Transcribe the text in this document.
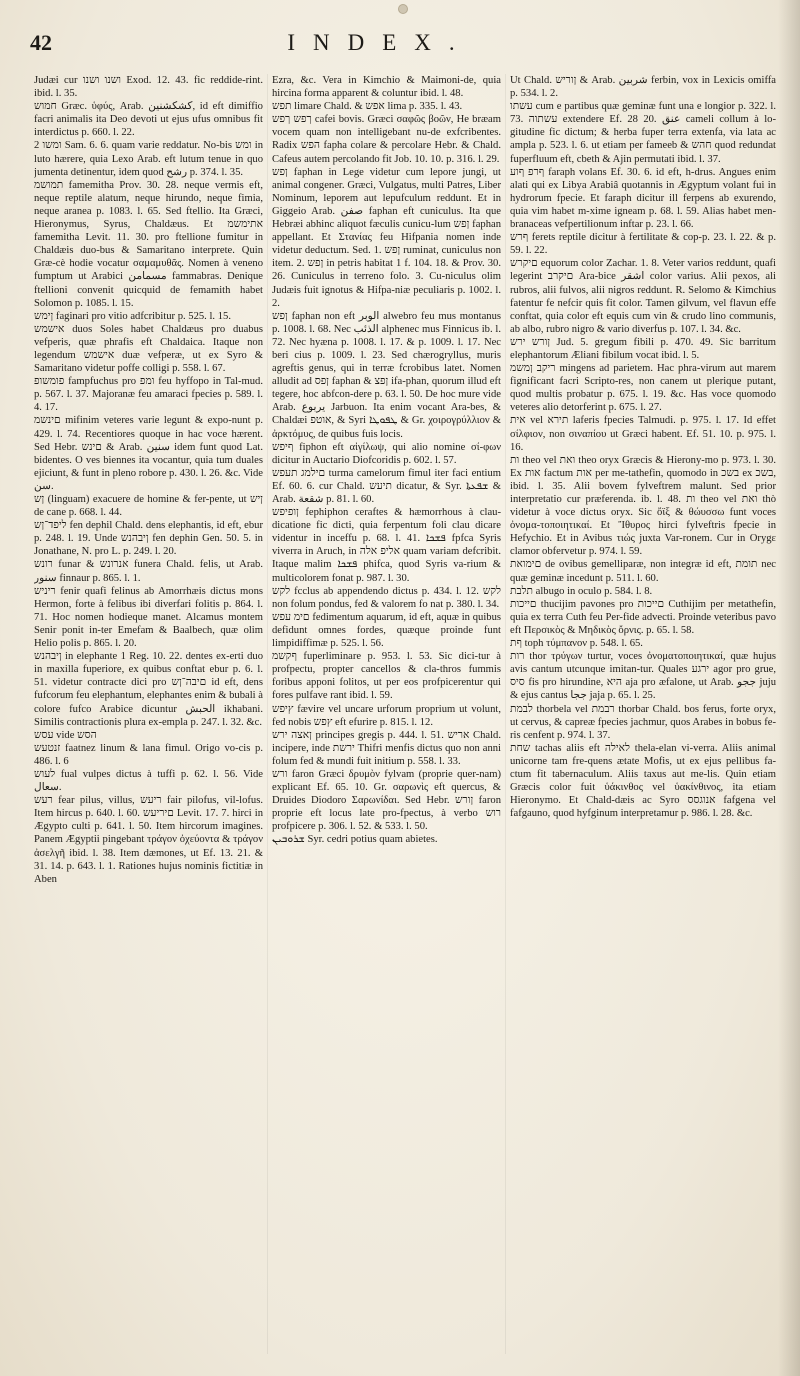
42	INDEX.

Judæi cur ושנו ושנו Exod. 12. 43. fic reddide-rint. ibid. l. 35.

חמוש Græc. ὑφύς, Arab. كشكشنين, id eft dimiffio facri animalis ita Deo devoti ut ejus ufus omnibus fit interdictus p. 660. l. 22.

ומשו 2 Sam. 6. 6. quam varie reddatur. No-bis ומש in luto hærere, quia Lexo Arab. eft lutum tenue in quo jumenta detinentur, idem quod رشح p. 374. l. 35.

תמושמ famemitha Prov. 30. 28. neque vermis eft, neque reptile alatum, neque hirundo, neque fimia, neque aranea p. 1083. l. 65. Sed ftellio. Ita Græci, Hieronymus, Syrus, Chaldæus. Et אתימשמ famemitha Levit. 11. 30. pro ftellione fumitur in Chaldæis duo-bus & Samaritano interprete. Quin Græ-cè hodie vocatur σαμαμυθᾶς. Nomen à veneno fumptum ut Arabici مسمامن fammabras. Denique ftellioni convenit quicquid de femamith habet Solomon p. 1085. l. 15.

ןימש faginari pro vitio adfcribitur p. 525. l. 15.

אישמש duos Soles habet Chaldæus pro duabus vefperis, quæ phrafis eft Chaldaica. Itaque non legendum אישמש duæ vefperæ, ut ex Syro & Samaritano videtur poffe colligi p. 558. l. 67.

פומשופ fampfuchus pro ומפ feu hyffopo in Tal-mud. p. 567. l. 37. Majoranæ feu amaraci fpecies p. 589. l. 4. 17.

םינשמ mifinim veteres varie legunt & expo-nunt p. 429. l. 74. Recentiores quoque in hac voce hærent. Sed Hebr. םינש & Arab. سنين idem funt quod Lat. bidentes. O ves biennes ita vocantur, quia tum duales ejiciunt, & funt in pleno robore p. 430. l. 26. &c. Vide سن.

ןש (linguam) exacuere de homine & fer-pente, ut ןיש de cane p. 668. l. 44.

ליפד־ןש fen dephil Chald. dens elephantis, id eft, ebur p. 248. l. 19. Unde ןיבהנש fen dephin Gen. 50. 5. in Jonathane, N. pro L. p. 249. l. 20.

רונש funar & אנרונש funera Chald. felis, ut Arab. سنور finnaur p. 865. l. 1.

ריניש fenir quafi felinus ab Amorrhæis dictus mons Hermon, forte à felibus ibi diverfari folitis p. 864. l. 71. Hoc nomen hodieque manet. Alcamus montem Senir ponit in-ter Emefam & Baalbech, quæ olim Helio polis p. 865. l. 20.

ןיבהנש in elephante 1 Reg. 10. 22. dentes ex-erti duo in maxilla fuperiore, ex quibus conftat ebur p. 6. l. 51. videtur contracte dici pro םיבה־ןש id eft, dens fufcorum feu elephantum, elephantes enim & bubali à colore fufco Arabice dicuntur الحبش ikhabani. Similis contractionis plura ex-empla p. 247. l. 32. &c.

עסש vide הסש

זנטעש faatnez linum & lana fimul. Origo vo-cis p. 486. l. 6

לעוש fual vulpes dictus à tuffi p. 62. l. 56. Vide سعال.

רעש fear pilus, villus, ריעש fair pilofus, vil-lofus. Item hircus p. 640. l. 60. םיריעש Levit. 17. 7. hirci in Ægypto culti p. 641. l. 50. Item hircorum imagines. Panem Ægyptii pingebant τράγον ὀχεύοντα & τράγον ἀσελγῆ ibid. l. 38. Item dæmones, ut Ef. 13. 21. & 31. 14. p. 643. l. 1. Rationes hujus nominis fictitiæ in Aben

Ezra, &c. Vera in Kimchio & Maimoni-de, quia hircina forma apparent & coluntur ibid. l. 48.

תפש limare Chald. & אפש lima p. 335. l. 43.

ךפש ךפש cafei bovis. Græci σαφῶς βοῶν, He bræam vocem quam non intelligebant nu-de exfcribentes. Radix הפש fapha colare & percolare Hebr. & Chald. Cafeus autem percolando fit Job. 10. 10. p. 316. l. 29.

ןפש faphan in Lege videtur cum lepore jungi, ut animal congener. Græci, Vulgatus, multi Patres, Liber Nominum, leporem aut lepufculum reddunt. Et in Giggeio Arab. صفن faphan eft cuniculus. Ita que Hebræi abhinc aliquot fæculis cunicu-lum ןפש faphan appellant. Et Στανίας feu Hifpania nomen inde videtur deductum. Sed. 1. ןפש ruminat, cuniculus non item. 2. ןפש in petris habitat 1 f. 104. 18. & Prov. 30. 26. Cuniculus in terreno folo. 3. Cu-niculus olim Judæis fuit ignotus & Hifpa-niæ peculiaris p. 1002. l. 2.

ןפש faphan non eft الوبر alwebro feu mus montanus p. 1008. l. 68. Nec الذئب alphenec mus Finnicus ib. l. 72. Nec hyæna p. 1008. l. 17. & p. 1009. l. 17. Nec beri cius p. 1009. l. 23. Sed chærogryllus, muris agreftis genus, qui in terræ fcrobibus latet. Nomen alludit ad ןפס faphan & ןפצ ifa-phan, quorum illud eft tegere, hoc abfcon-dere p. 63. l. 50. De hoc mure vide Arab. يربوع Jarbuon. Ita enim vocant Ara-bes, & Chaldæi אוטפ, & Syri ܛܦܘܛܐ & Gr. χοιρογρύλλιον & ἀρκτόμυς, de quibus fuis locis.

ףיפש fiphon eft αἰγίλωψ, qui alio nomine σί-φων dicitur in Auctario Diofcoridis p. 602. l. 57.

םילמג תעפש turma camelorum fimul iter faci entium Ef. 60. 6. cur Chald. תיעש dicatur, & Syr. ܫܦܥܬܐ & Arab. شقعة p. 81. l. 60.

ןופיפש fephiphon ceraftes & hæmorrhous à clau-dicatione fic dicti, quia ferpentum foli clau dicare videntur in inceffu p. 68. l. 41. ܦܫܟܐ fpfca Syris viverra in Aruch, in אליפ אלה quam variam defcribit. Itaque malim ܦܫܟܐ phifca, quod Syris va-rium & multicolorem fonat p. 987. l. 30.

לקש fcclus ab appendendo dictus p. 434. l. 12. לקש non folum pondus, fed & valorem fo nat p. 380. l. 34.

םימ עפש fedimentum aquarum, id eft, aquæ in quibus defidunt omnes fordes, quæque proinde funt limpidiffimæ p. 525. l. 56.

ףקשמ fuperliminare p. 953. l. 53. Sic dici-tur à profpectu, propter cancellos & cla-thros fummis foribus apponi folitos, ut per eos profpicerentur qui fores pulfave rant ibid. l. 59.

ץיפש fævire vel uncare urforum proprium ut volunt, fed nobis ץפש eft efurire p. 815. l. 12.

ןאצה ירש principes gregis p. 444. l. 51. אריש Chald. incipere, inde ירשת Thifri menfis dictus quo non anni folum fed & mundi fuit initium p. 558. l. 33.

ורש faron Græci δρυμὸν fylvam (proprie quer-nam) explicant Ef. 65. 10. Gr. σαρωνὶς eft quercus, & Druides Diodoro Σαρωνίδαι. Sed Hebr. ןורש faron proprie eft locus late pro-fpectus, à verbo רוש profpicere p. 306. l. 52. & 533. l. 50.

ܫܪܘܒܝܢ Syr. cedri potius quam abietes.

Ut Chald. ןוריש & Arab. شربين ferbin, vox in Lexicis omiffa p. 534. l. 2.

עשתו cum e partibus quæ geminæ funt una e longior p. 322. l. 73. עשתוה extendere Ef. 28 20. عنق cameli collum à lo-gitudine fic dictum; & herba fuper terra extenfa, via lata ac ampla p. 523. l. 6. ut etiam per fameeb & חהש quod redundat fuperfluum eft, cbeth & Ajin permutati ibid. l. 37.

ףרפ ףוע faraph volans Ef. 30. 6. id eft, h-drus. Angues enim alati qui ex Libya Arabiâ quotannis in Ægyptum volant fui in hydrorum fpecie. Et faraph dicitur ill ferpens ab exurendo, quia vim habet m-xime igneam p. 68. l. 59. Alias habet men-branaceas vefpertilionum inftar p. 23. l. 66.

ףרש ferets reptile dicitur à fertilitate & cop-p. 23. l. 22. & p. 59. l. 22.

םיקרש equorum color Zachar. 1. 8. Veter varios reddunt, quafi legerint םיקרב Ara-bice اشقر color varius. Alii pexos, ali rubros, alii fulvos, alii nigros reddunt. R. Selomo & Kimchius fatentur fe nefcir quis fit color. Tamen gilvum, vel flavun effe conftat, quia color eft equis cum vin & crudo lino communis, ab albo, rubro nigro & vario diverfus p. 107. l. 34. &c.

ןורש ירש Jud. 5. gregum fibili p. 470. 49. Sic barritum elephantorum Æliani fibilum vocat ibid. l. 5.

ריקב ןמשמ mingens ad parietem. Hac phra-virum aut marem fignificant facri Scripto-res, non canem ut plerique putant, quod multis probatur p. 675. l. 19. &c. Has voce quomodo veteres alio detorferint p. 675. l. 27.

אית vel תירא laferis fpecies Talmudi. p. 975. l. 17. Id effet σίλφιον, non σιναπίου ut Græci habent. Ef. 51. 10. p. 975. l. 16.

ות theo vel ואת theo oryx Græcis & Hierony-mo p. 973. l. 30. Ex אות factum אות per me-tathefin, quomodo in בשכ ex בשכ, ibid. l. 35. Alii bovem fylveftrem malunt. Sed prior interpretatio cur præferenda. ib. l. 48. ות theo vel ואת thò videtur à voce dictus oryx. Sic ὄϊξ & θώυσσω funt voces ὀνομα-τοποιητικαί. Et Ἴθυρος hirci fylveftris fpecie in Hefychio. Et in Avibus τιώς juxta Var-ronem. Cur in Orygε clamor obfervetur p. 974. l. 59.

םימואת de ovibus gemelliparæ, non integræ id eft, תומת nec quæ geminæ incedunt p. 511. l. 60.

תלבת albugo in oculo p. 584. l. 8.

םייכות thucijim pavones pro םייכות Cuthijim per metathefin, quia ex terra Cuth feu Per-fide advecti. Proinde veteribus pavo eft Περσικὸς & Μηδικὸς ὄρνις. p. 65. l. 58.

ףת toph τύμπανον p. 548. l. 65.

רות thor τρύγων turtur, voces ὀνοματοποιητικαί, quæ hujus avis cantum utcunque imitan-tur. Quales ירגע agor pro grue, סיס fis pro hirundine, היא aja pro æfalone, ut Arab. ججو juju & ejus cantus ججا jaja p. 65. l. 25.

לבמת thorbela vel רבמת thorbar Chald. bos ferus, forte oryx, ut cervus, & capreæ fpecies jachmur, quos Arabes in bobus fe-ris cenfent p. 974. l. 37.

שחת tachas aliis eft לאילה thela-elan vi-verra. Aliis animal unicorne tam fre-quens ætate Mofis, ut ex ejus pellibus fa-ctum fit tabernaculum. Aliis taxus aut me-lis. Quin etiam Græcis color fuit ὑάκινθος vel ὑακίνθινος, ita etiam Hieronymo. Et Chald-dæis ac Syro אנוגסס fafgena vel fafgauno, quod hyfginum interpretamur p. 986. l. 28. &c.
